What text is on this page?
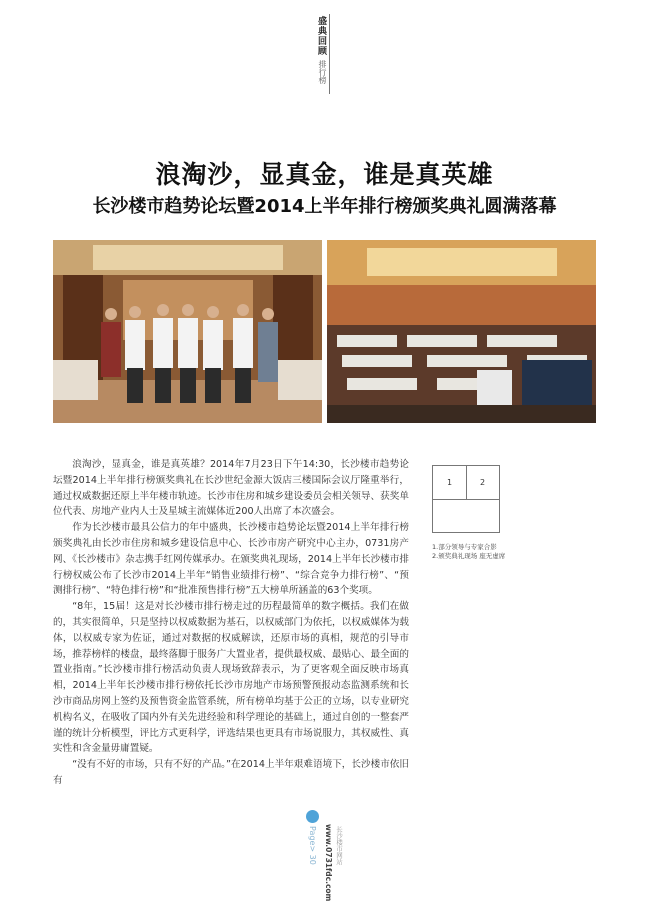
盛典回顾
排行榜
浪淘沙，显真金，谁是真英雄
长沙楼市趋势论坛暨2014上半年排行榜颁奖典礼圆满落幕

浪淘沙，显真金，谁是真英雄？2014年7月23日下午14:30，长沙楼市趋势论坛暨2014上半年排行榜颁奖典礼在长沙世纪金源大饭店三楼国际会议厅隆重举行，通过权威数据还原上半年楼市轨迹。长沙市住房和城乡建设委员会相关领导、获奖单位代表、房地产业内人士及星城主流媒体近200人出席了本次盛会。

作为长沙楼市最具公信力的年中盛典，长沙楼市趋势论坛暨2014上半年排行榜颁奖典礼由长沙市住房和城乡建设信息中心、长沙市房产研究中心主办，0731房产网、《长沙楼市》杂志携手红网传媒承办。在颁奖典礼现场，2014上半年长沙楼市排行榜权威公布了长沙市2014上半年“销售业绩排行榜”、“综合竞争力排行榜”、“预测排行榜”、“特色排行榜”和“批准预售排行榜”五大榜单所涵盖的63个奖项。

“8年，15届！这是对长沙楼市排行榜走过的历程最简单的数字概括。我们在做的，其实很简单，只是坚持以权威数据为基石，以权威部门为依托，以权威媒体为载体，以权威专家为佐证，通过对数据的权威解读，还原市场的真相，规范的引导市场，推荐榜样的楼盘，最终落脚于服务广大置业者，提供最权威、最贴心、最全面的置业指南。”长沙楼市排行榜活动负责人现场致辞表示，为了更客观全面反映市场真相，2014上半年长沙楼市排行榜依托长沙市房地产市场预警预报动态监测系统和长沙市商品房网上签约及预售资金监管系统，所有榜单均基于公正的立场，以专业研究机构名义，在吸收了国内外有关先进经验和科学理论的基础上，通过自创的一整套严谨的统计分析模型，评比方式更科学，评选结果也更具有市场说服力，其权威性、真实性和含金量毋庸置疑。

“没有不好的市场，只有不好的产品。”在2014上半年艰难语境下，长沙楼市依旧有

1	2
1.部分领导与专家合影
2.颁奖典礼现场 座无虚席
Page> 30 www.0731fdc.com 长沙楼市网站
